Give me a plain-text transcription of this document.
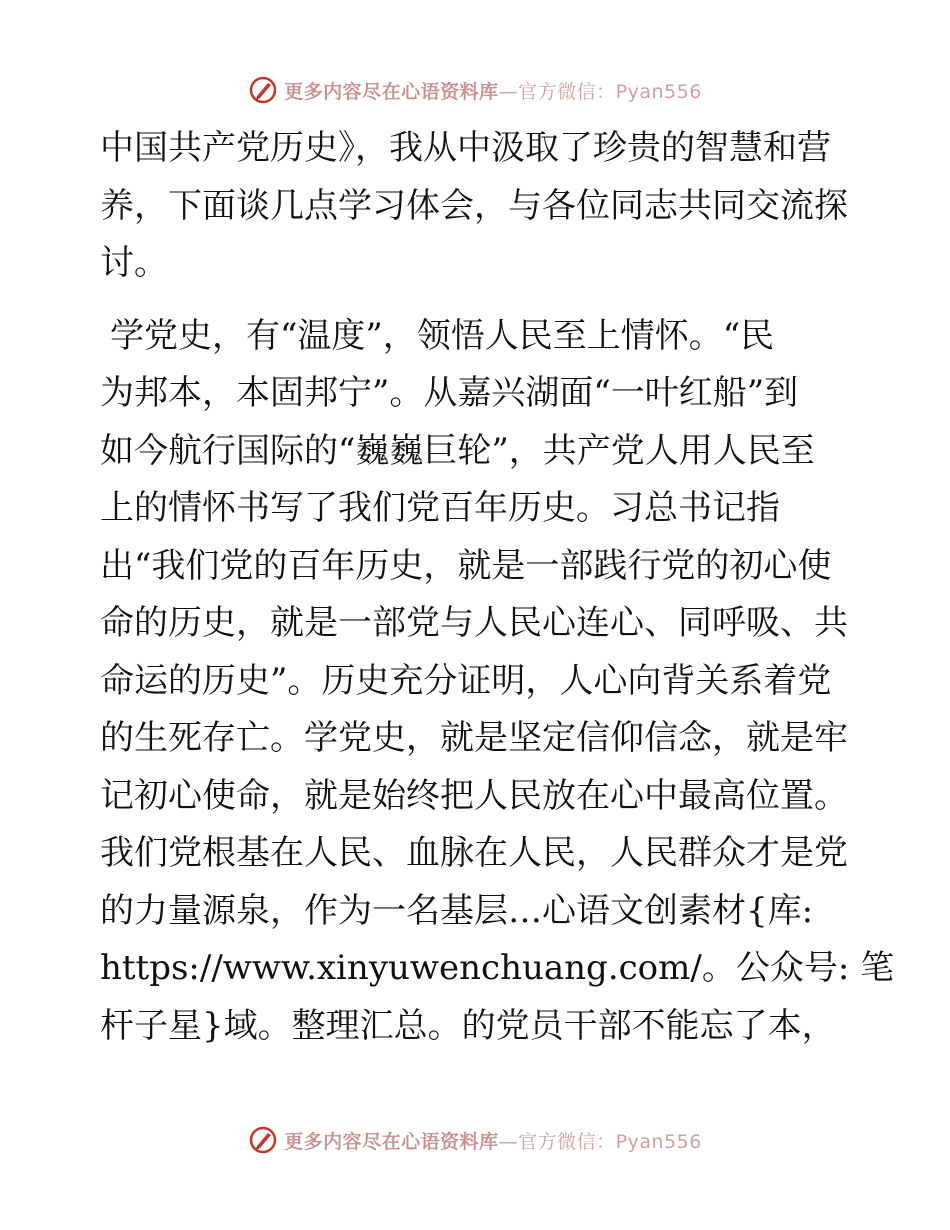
更多内容尽在心语资料库—官方微信：Pyan556

中国共产党历史》，我从中汲取了珍贵的智慧和营
养，下面谈几点学习体会，与各位同志共同交流探
讨。

学党史，有“温度”，领悟人民至上情怀。“民
为邦本，本固邦宁”。从嘉兴湖面“一叶红船”到
如今航行国际的“巍巍巨轮”，共产党人用人民至
上的情怀书写了我们党百年历史。习总书记指
出“我们党的百年历史，就是一部践行党的初心使
命的历史，就是一部党与人民心连心、同呼吸、共
命运的历史”。历史充分证明，人心向背关系着党
的生死存亡。学党史，就是坚定信仰信念，就是牢
记初心使命，就是始终把人民放在心中最高位置。
我们党根基在人民、血脉在人民，人民群众才是党
的力量源泉，作为一名基层…心语文创素材{库:
https://www.xinyuwenchuang.com/。公众号: 笔
杆子星}域。整理汇总。的党员干部不能忘了本，

更多内容尽在心语资料库—官方微信：Pyan556
